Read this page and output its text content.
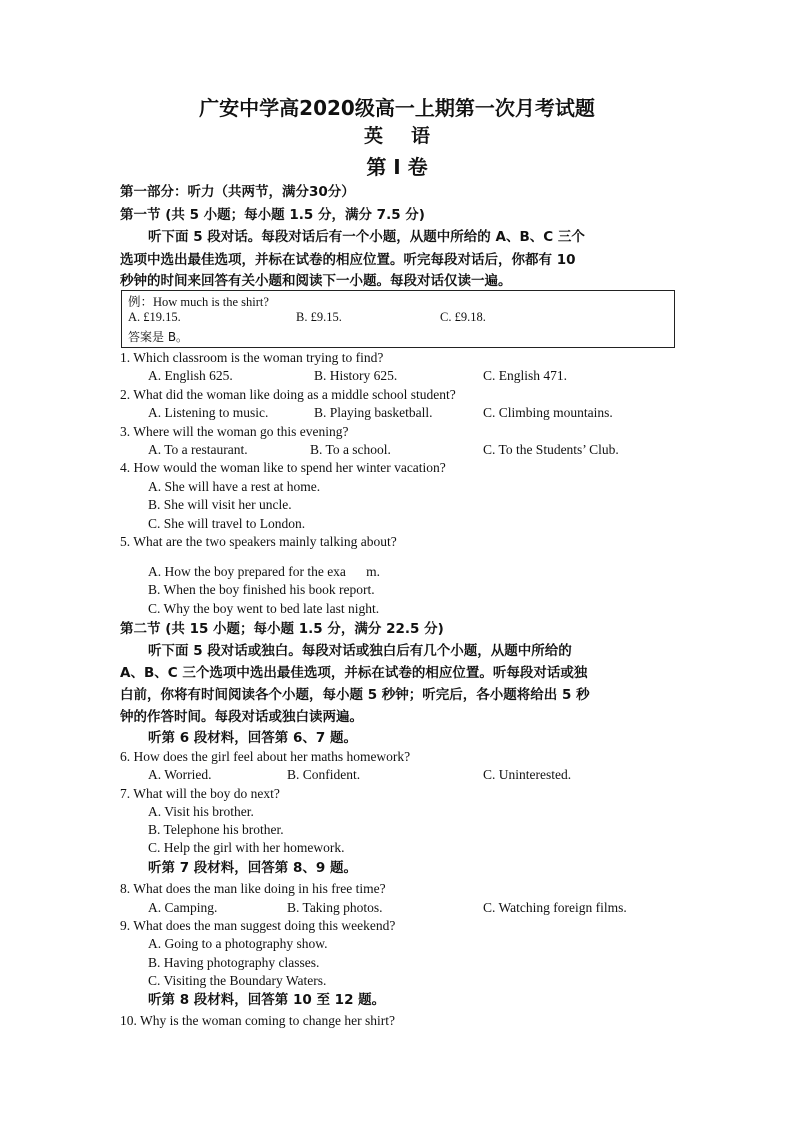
广安中学高2020级高一上期第一次月考试题
英语
第 I 卷
第一部分：听力（共两节，满分30分）
第一节 (共 5 小题；每小题 1.5 分，满分 7.5 分)
听下面 5 段对话。每段对话后有一个小题，从题中所给的 A、B、C 三个
选项中选出最佳选项，并标在试卷的相应位置。听完每段对话后，你都有 10
秒钟的时间来回答有关小题和阅读下一小题。每段对话仅读一遍。
例：How much is the shirt?
A. £19.15.	B. £9.15.	C. £9.18.
答案是 B。
1. Which classroom is the woman trying to find?
A. English 625.	B. History 625.	C. English 471.
2. What did the woman like doing as a middle school student?
A. Listening to music.	B. Playing basketball.	C. Climbing mountains.
3. Where will the woman go this evening?
A. To a restaurant.	B. To a school.	C. To the Students’ Club.
4. How would the woman like to spend her winter vacation?
A. She will have a rest at home.
B. She will visit her uncle.
C. She will travel to London.
5. What are the two speakers mainly talking about?
A. How the boy prepared for the exa      m.
B. When the boy finished his book report.
C. Why the boy went to bed late last night.
第二节 (共 15 小题；每小题 1.5 分，满分 22.5 分)
听下面 5 段对话或独白。每段对话或独白后有几个小题，从题中所给的
A、B、C 三个选项中选出最佳选项，并标在试卷的相应位置。听每段对话或独
白前，你将有时间阅读各个小题，每小题 5 秒钟；听完后，各小题将给出 5 秒
钟的作答时间。每段对话或独白读两遍。
听第 6 段材料，回答第 6、7 题。
6. How does the girl feel about her maths homework?
A. Worried.	B. Confident.	C. Uninterested.
7. What will the boy do next?
A. Visit his brother.
B. Telephone his brother.
C. Help the girl with her homework.
听第 7 段材料，回答第 8、9 题。
8. What does the man like doing in his free time?
A. Camping.	B. Taking photos.	C. Watching foreign films.
9. What does the man suggest doing this weekend?
A. Going to a photography show.
B. Having photography classes.
C. Visiting the Boundary Waters.
听第 8 段材料，回答第 10 至 12 题。
10. Why is the woman coming to change her shirt?
